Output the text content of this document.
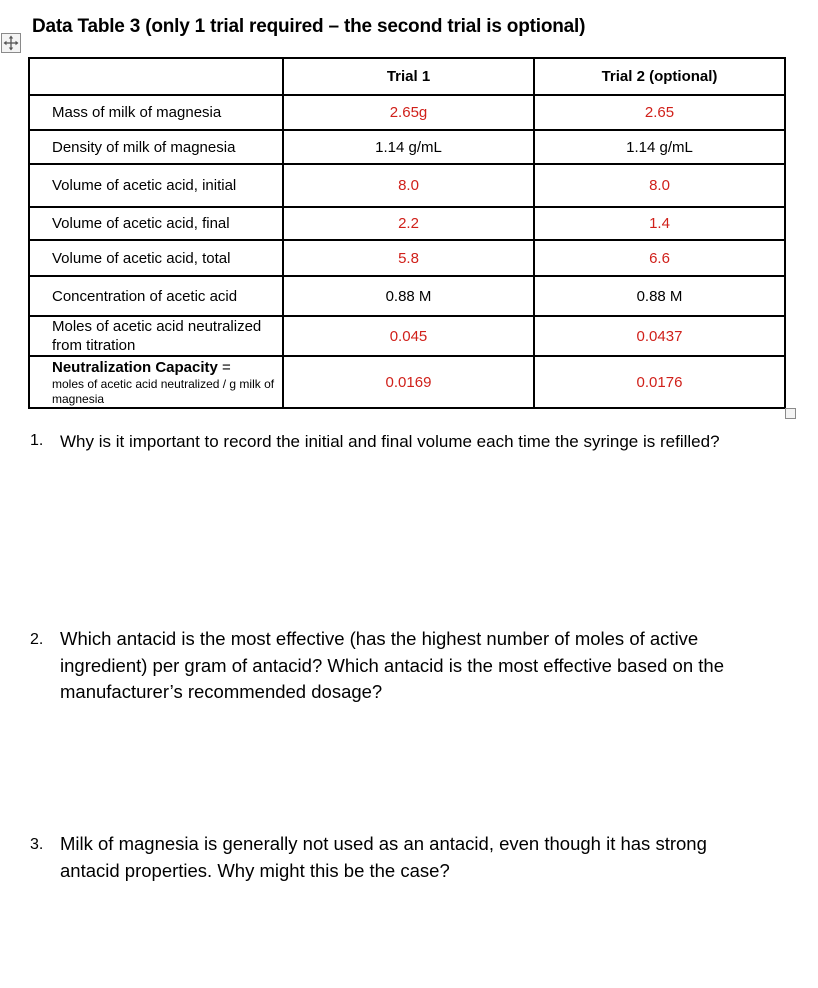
Data Table 3 (only 1 trial required – the second trial is optional)
	Trial 1	Trial 2 (optional)
Mass of milk of magnesia	2.65g	2.65
Density of milk of magnesia	1.14 g/mL	1.14 g/mL
Volume of acetic acid, initial	8.0	8.0
Volume of acetic acid, final	2.2	1.4
Volume of acetic acid, total	5.8	6.6
Concentration of acetic acid	0.88 M	0.88 M
Moles of acetic acid neutralized from titration	0.045	0.0437

Neutralization Capacity =
moles of acetic acid neutralized / g milk of magnesia	0.0169	0.0176
1. Why is it important to record the initial and final volume each time the syringe is refilled?
2. Which antacid is the most effective (has the highest number of moles of active ingredient) per gram of antacid? Which antacid is the most effective based on the manufacturer’s recommended dosage?
3. Milk of magnesia is generally not used as an antacid, even though it has strong antacid properties. Why might this be the case?
